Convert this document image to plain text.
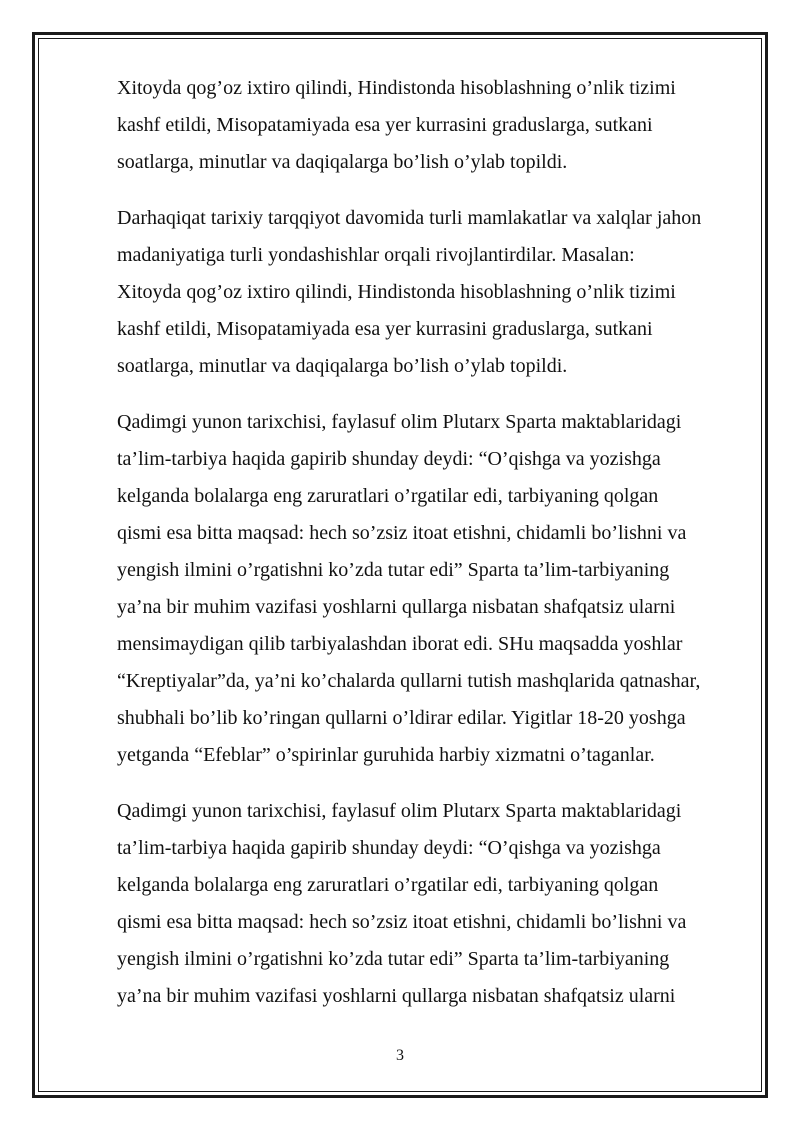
Xitoyda qog’oz ixtiro qilindi, Hindistonda hisoblashning o’nlik tizimi
kashf etildi, Misopatamiyada esa yer kurrasini graduslarga, sutkani
soatlarga, minutlar va daqiqalarga bo’lish o’ylab topildi.

Darhaqiqat tarixiy tarqqiyot davomida turli mamlakatlar va xalqlar jahon
madaniyatiga turli yondashishlar orqali rivojlantirdilar. Masalan:
Xitoyda qog’oz ixtiro qilindi, Hindistonda hisoblashning o’nlik tizimi
kashf etildi, Misopatamiyada esa yer kurrasini graduslarga, sutkani
soatlarga, minutlar va daqiqalarga bo’lish o’ylab topildi.

Qadimgi yunon tarixchisi, faylasuf olim Plutarx Sparta maktablaridagi
ta’lim-tarbiya haqida gapirib shunday deydi: “O’qishga va yozishga
kelganda bolalarga eng zaruratlari o’rgatilar edi, tarbiyaning qolgan
qismi esa bitta maqsad: hech so’zsiz itoat etishni, chidamli bo’lishni va
yengish ilmini o’rgatishni ko’zda tutar edi” Sparta ta’lim-tarbiyaning
ya’na bir muhim vazifasi yoshlarni qullarga nisbatan shafqatsiz ularni
mensimaydigan qilib tarbiyalashdan iborat edi. SHu maqsadda yoshlar
“Kreptiyalar”da, ya’ni ko’chalarda qullarni tutish mashqlarida qatnashar,
shubhali bo’lib ko’ringan qullarni o’ldirar edilar. Yigitlar 18-20 yoshga
yetganda “Efeblar” o’spirinlar guruhida harbiy xizmatni o’taganlar.

Qadimgi yunon tarixchisi, faylasuf olim Plutarx Sparta maktablaridagi
ta’lim-tarbiya haqida gapirib shunday deydi: “O’qishga va yozishga
kelganda bolalarga eng zaruratlari o’rgatilar edi, tarbiyaning qolgan
qismi esa bitta maqsad: hech so’zsiz itoat etishni, chidamli bo’lishni va
yengish ilmini o’rgatishni ko’zda tutar edi” Sparta ta’lim-tarbiyaning
ya’na bir muhim vazifasi yoshlarni qullarga nisbatan shafqatsiz ularni

3
